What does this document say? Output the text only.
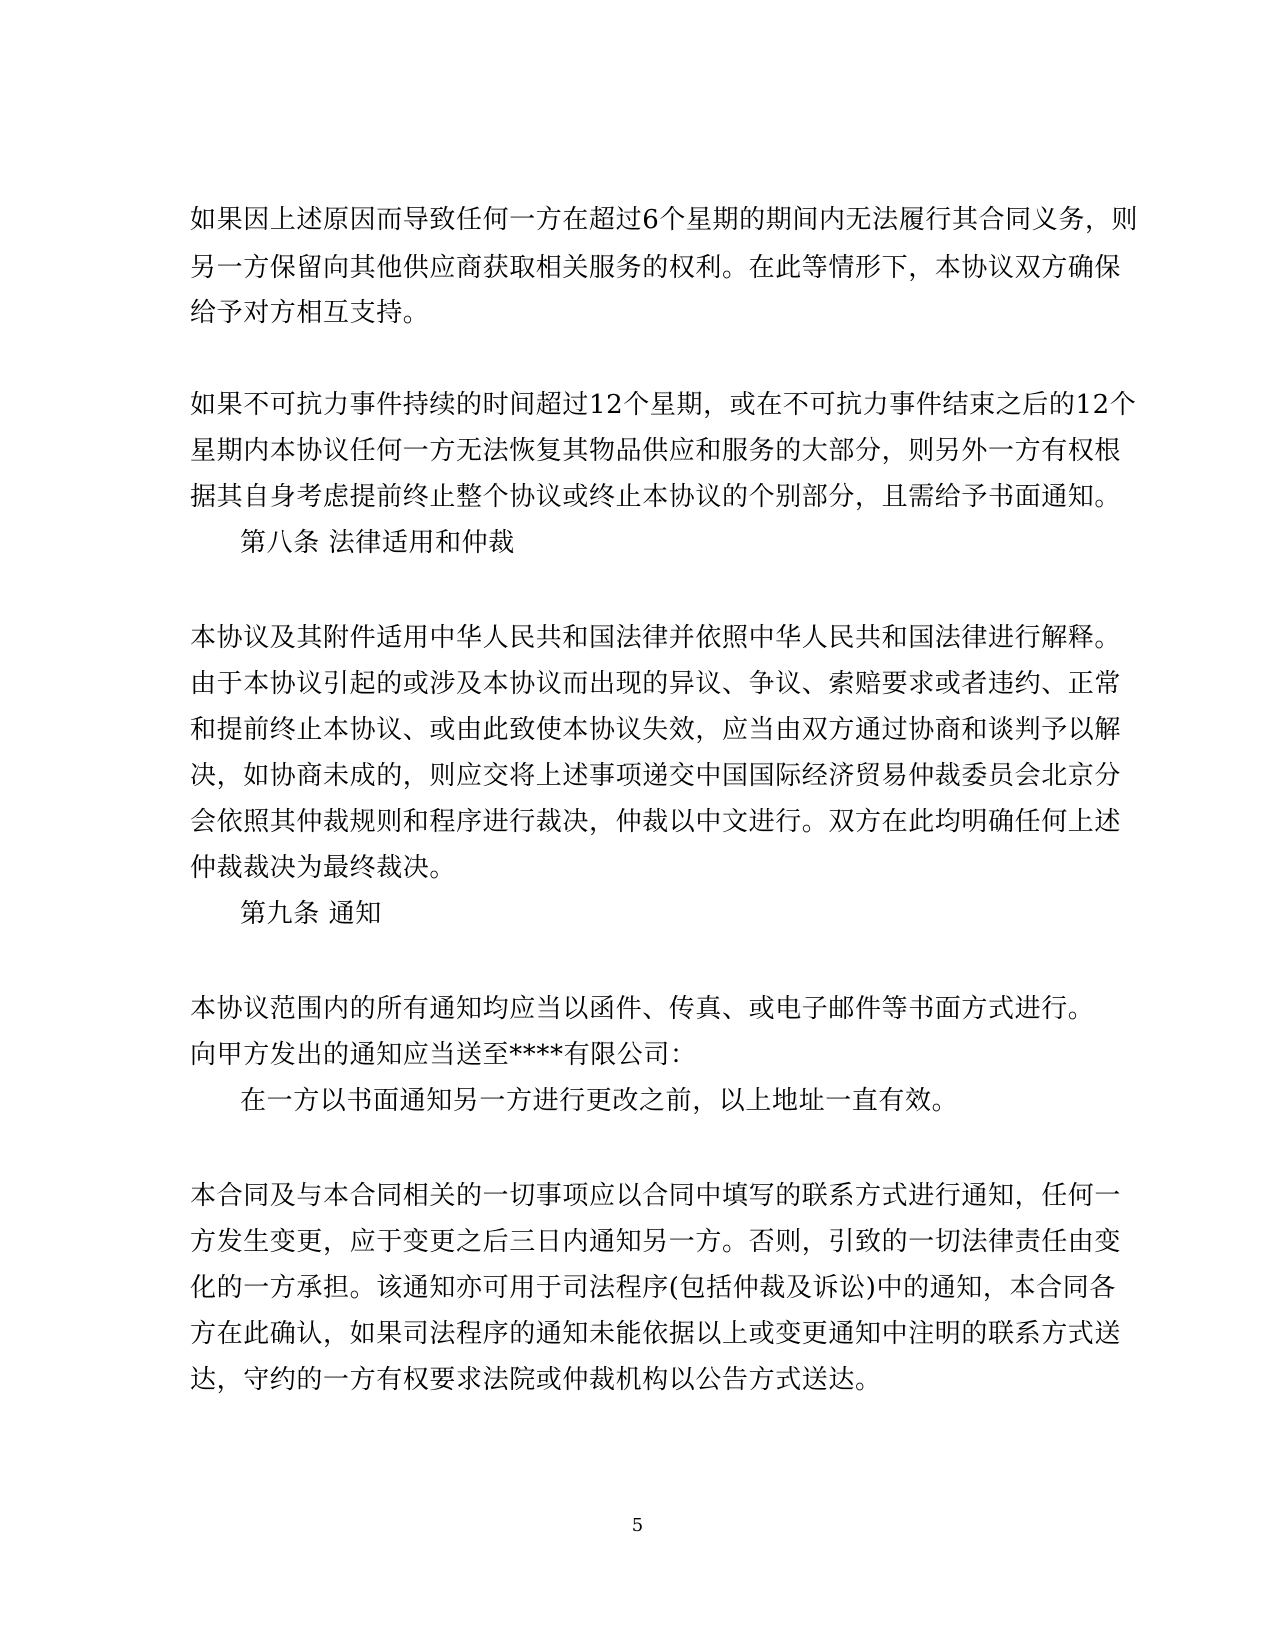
如果因上述原因而导致任何一方在超过6个星期的期间内无法履行其合同义务，则
另一方保留向其他供应商获取相关服务的权利。在此等情形下，本协议双方确保
给予对方相互支持。
如果不可抗力事件持续的时间超过12个星期，或在不可抗力事件结束之后的12个
星期内本协议任何一方无法恢复其物品供应和服务的大部分，则另外一方有权根
据其自身考虑提前终止整个协议或终止本协议的个别部分，且需给予书面通知。
第八条 法律适用和仲裁
本协议及其附件适用中华人民共和国法律并依照中华人民共和国法律进行解释。
由于本协议引起的或涉及本协议而出现的异议、争议、索赔要求或者违约、正常
和提前终止本协议、或由此致使本协议失效，应当由双方通过协商和谈判予以解
决，如协商未成的，则应交将上述事项递交中国国际经济贸易仲裁委员会北京分
会依照其仲裁规则和程序进行裁决，仲裁以中文进行。双方在此均明确任何上述
仲裁裁决为最终裁决。
第九条 通知
本协议范围内的所有通知均应当以函件、传真、或电子邮件等书面方式进行。
向甲方发出的通知应当送至****有限公司：
在一方以书面通知另一方进行更改之前，以上地址一直有效。
本合同及与本合同相关的一切事项应以合同中填写的联系方式进行通知，任何一
方发生变更，应于变更之后三日内通知另一方。否则，引致的一切法律责任由变
化的一方承担。该通知亦可用于司法程序(包括仲裁及诉讼)中的通知，本合同各
方在此确认，如果司法程序的通知未能依据以上或变更通知中注明的联系方式送
达，守约的一方有权要求法院或仲裁机构以公告方式送达。
5
